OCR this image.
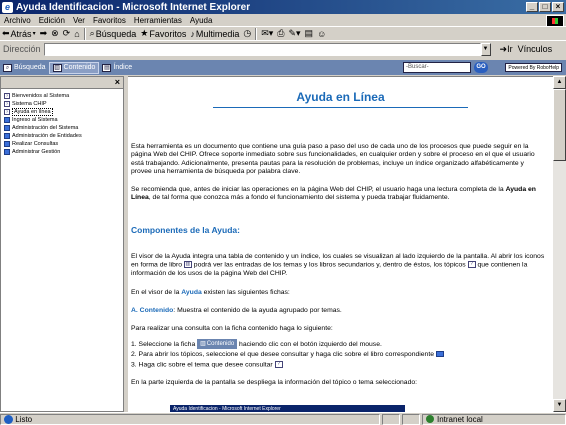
e Ayuda Identificacion - Microsoft Internet Explorer	_	□	×
Archivo	Edición	Ver	Favoritos	Herramientas	Ayuda
⬅ Atrás ▾ ➡ ⊗ ⟳ ⌂ ⌕ Búsqueda ★ Favoritos ♪ Multimedia ◷ ✉▾ ⎙ ✎▾ ▤ ☺
Dirección	▼	➜Ir Vínculos
⌕ Búsqueda ▥ Contenido ▤ Índice	-Buscar-	GO	Powered By RoboHelp
×
? Bienvenidos al Sistema
? Sistema CHIP
?	Ayuda en línea
Ingreso al Sistema
Administración del Sistema
Administración de Entidades
Realizar Consultas
Administrar Gestión
Ayuda en Línea
Esta herramienta es un documento que contiene una guía paso a paso del uso de cada uno de los procesos que puede seguir en la página Web del CHIP. Ofrece soporte inmediato sobre sus funcionalidades, en cualquier orden y sobre el proceso en el que el usuario está trabajando. Adicionalmente, presenta pautas para la resolución de problemas, incluye un índice organizado alfabéticamente y provee una herramienta de búsqueda por palabra clave.
Se recomienda que, antes de iniciar las operaciones en la página Web del CHIP, el usuario haga una lectura completa de la Ayuda en Línea, de tal forma que conozca más a fondo el funcionamiento del sistema y pueda trabajar fluidamente.
Componentes de la Ayuda:
El visor de la Ayuda integra una tabla de contenido y un índice, los cuales se visualizan al lado izquierdo de la pantalla. Al abrir los iconos en forma de libro ▥ podrá ver las entradas de los temas y los libros secundarios y, dentro de éstos, los tópicos ? que contienen la información de los usos de la página Web del CHIP.
En el visor de la Ayuda existen las siguientes fichas:
A. Contenido: Muestra el contenido de la ayuda agrupado por temas.
Para realizar una consulta con la ficha contenido haga lo siguiente:
1. Seleccione la ficha ▥ Contenido haciendo clic con el botón izquierdo del mouse.
2. Para abrir los tópicos, seleccione el que desee consultar y haga clic sobre el libro correspondiente
3. Haga clic sobre el tema que desee consultar ?
En la parte izquierda de la pantalla se despliega la información del tópico o tema seleccionado:
Ayuda Identificacion - Microsoft Internet Explorer
▲
▼

Listo	Intranet local
